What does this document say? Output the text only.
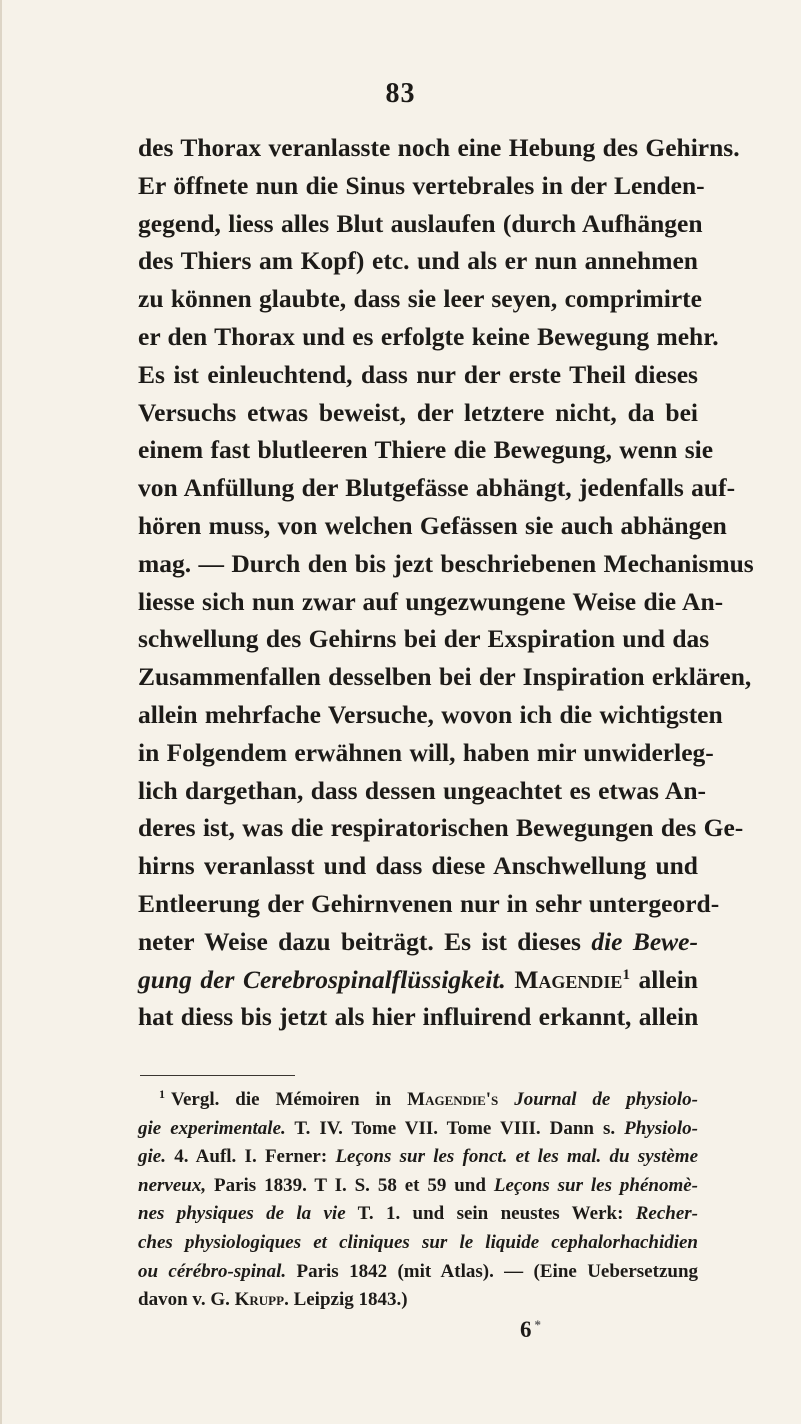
83
des Thorax veranlasste noch eine Hebung des Gehirns.
Er öffnete nun die Sinus vertebrales in der Lenden-
gegend, liess alles Blut auslaufen (durch Aufhängen
des Thiers am Kopf) etc. und als er nun annehmen
zu können glaubte, dass sie leer seyen, comprimirte
er den Thorax und es erfolgte keine Bewegung mehr.
Es ist einleuchtend, dass nur der erste Theil dieses
Versuchs etwas beweist, der letztere nicht, da bei
einem fast blutleeren Thiere die Bewegung, wenn sie
von Anfüllung der Blutgefässe abhängt, jedenfalls auf-
hören muss, von welchen Gefässen sie auch abhängen
mag. — Durch den bis jezt beschriebenen Mechanismus
liesse sich nun zwar auf ungezwungene Weise die An-
schwellung des Gehirns bei der Exspiration und das
Zusammenfallen desselben bei der Inspiration erklären,
allein mehrfache Versuche, wovon ich die wichtigsten
in Folgendem erwähnen will, haben mir unwiderleg-
lich dargethan, dass dessen ungeachtet es etwas An-
deres ist, was die respiratorischen Bewegungen des Ge-
hirns veranlasst und dass diese Anschwellung und
Entleerung der Gehirnvenen nur in sehr untergeord-
neter Weise dazu beiträgt. Es ist dieses die Bewe-
gung der Cerebrospinalflüssigkeit. Magendie$^1$ allein
hat diess bis jetzt als hier influirend erkannt, allein
$^1$ Vergl. die Mémoiren in Magendie's Journal de physiolo-
gie experimentale. T. IV. Tome VII. Tome VIII. Dann s. Physiolo-
gie. 4. Aufl. I. Ferner: Leçons sur les fonct. et les mal. du système
nerveux, Paris 1839. T I. S. 58 et 59 und Leçons sur les phénomè-
nes physiques de la vie T. 1. und sein neustes Werk: Recher-
ches physiologiques et cliniques sur le liquide cephalorhachidien
ou cérébro-spinal. Paris 1842 (mit Atlas). — (Eine Uebersetzung
davon v. G. Krupp. Leipzig 1843.)
6 *
